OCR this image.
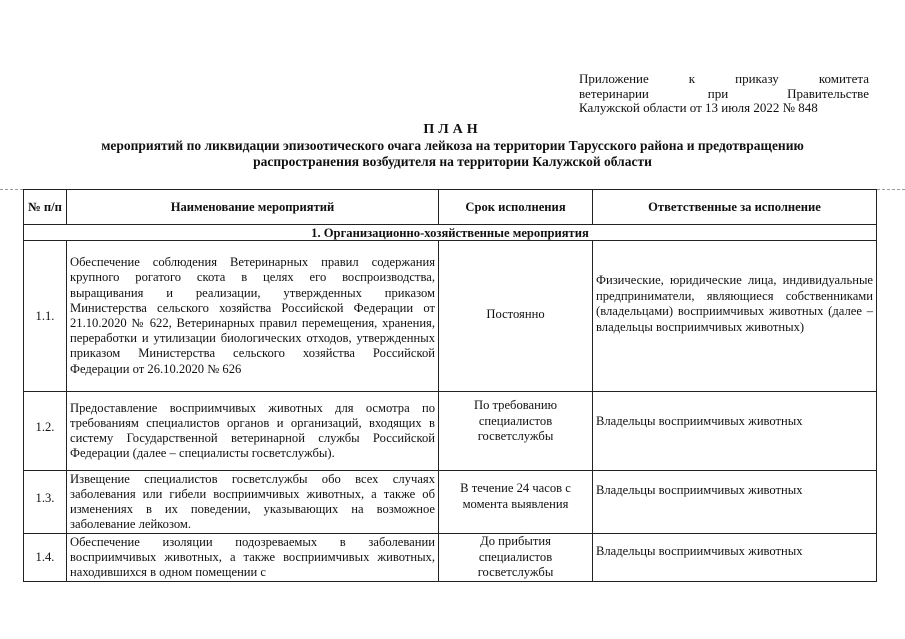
Приложение к приказу комитета
ветеринарии при Правительстве
Калужской области от 13 июля 2022 № 848
ПЛАН
мероприятий по ликвидации эпизоотического очага лейкоза на территории Тарусского района и предотвращению
распространения возбудителя на территории Калужской области
№ п/п	Наименование мероприятий	Срок исполнения	Ответственные за исполнение
1. Организационно-хозяйственные мероприятия			
1.1.	Обеспечение соблюдения Ветеринарных правил содержания крупного рогатого скота в целях его воспроизводства, выращивания и реализации, утвержденных приказом Министерства сельского хозяйства Российской Федерации от 21.10.2020 № 622, Ветеринарных правил перемещения, хранения, переработки и утилизации биологических отходов, утвержденных приказом Министерства сельского хозяйства Российской Федерации от 26.10.2020 № 626	Постоянно	Физические, юридические лица, индивидуальные предприниматели, являющиеся собственниками (владельцами) восприимчивых животных (далее – владельцы восприимчивых животных)
1.2.	Предоставление восприимчивых животных для осмотра по требованиям специалистов органов и организаций, входящих в систему Государственной ветеринарной службы Российской Федерации (далее – специалисты госветслужбы).	По требованию специалистов госветслужбы	Владельцы восприимчивых животных
1.3.	Извещение специалистов госветслужбы обо всех случаях заболевания или гибели восприимчивых животных, а также об изменениях в их поведении, указывающих на возможное заболевание лейкозом.	В течение 24 часов с момента выявления	Владельцы восприимчивых животных
1.4.	Обеспечение изоляции подозреваемых в заболевании восприимчивых животных, а также восприимчивых животных, находившихся в одном помещении с	До прибытия специалистов госветслужбы	Владельцы восприимчивых животных
